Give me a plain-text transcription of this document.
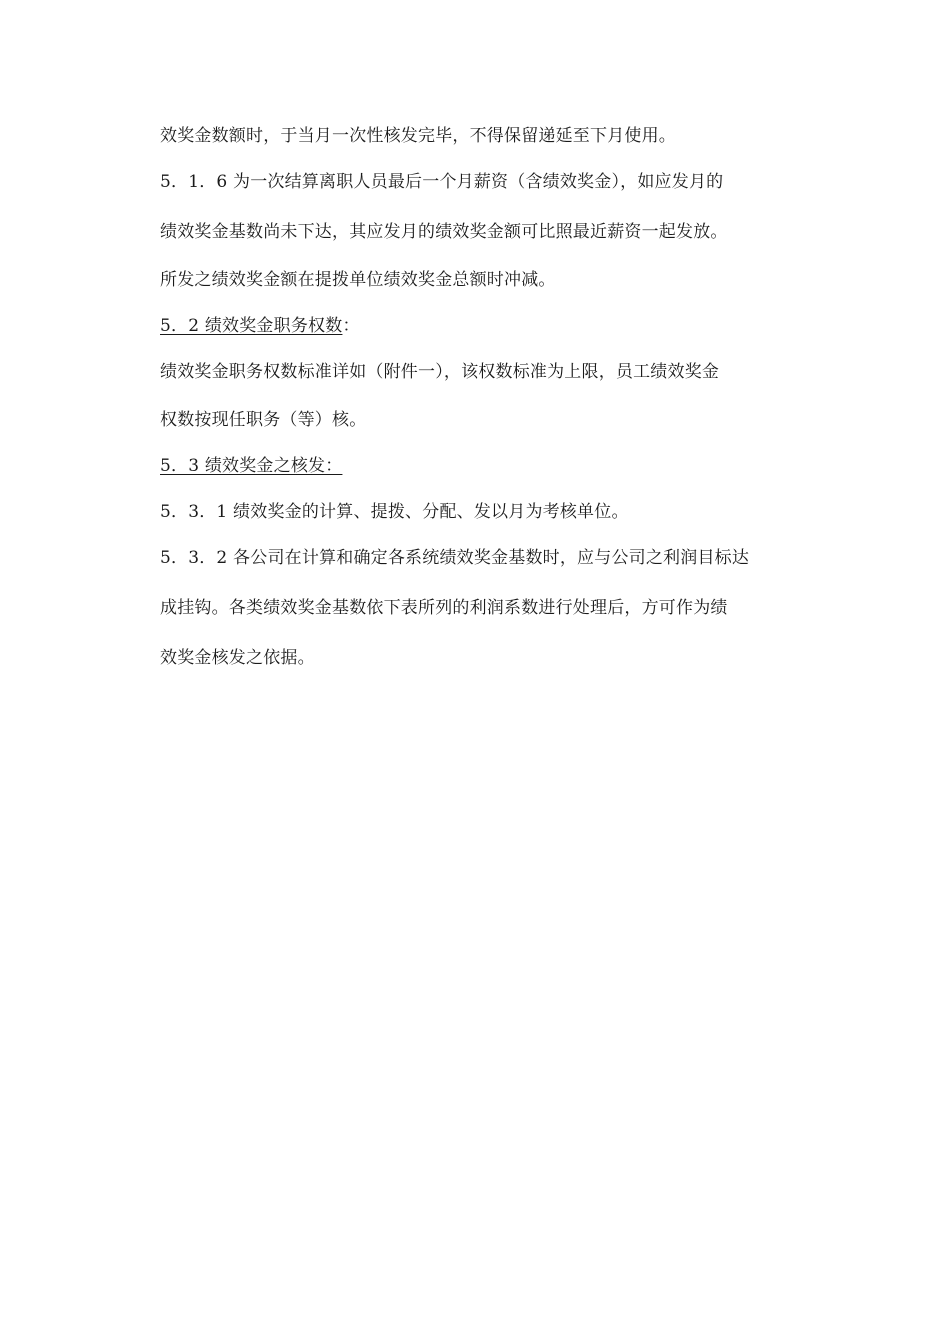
效奖金数额时，于当月一次性核发完毕，不得保留递延至下月使用。
5．1．6 为一次结算离职人员最后一个月薪资（含绩效奖金），如应发月的
绩效奖金基数尚未下达，其应发月的绩效奖金额可比照最近薪资一起发放。
所发之绩效奖金额在提拨单位绩效奖金总额时冲减。
5．2 绩效奖金职务权数：
绩效奖金职务权数标准详如（附件一），该权数标准为上限，员工绩效奖金
权数按现任职务（等）核。
5．3 绩效奖金之核发：
5．3．1 绩效奖金的计算、提拨、分配、发以月为考核单位。
5．3．2 各公司在计算和确定各系统绩效奖金基数时，应与公司之利润目标达
成挂钩。各类绩效奖金基数依下表所列的利润系数进行处理后，方可作为绩
效奖金核发之依据。
